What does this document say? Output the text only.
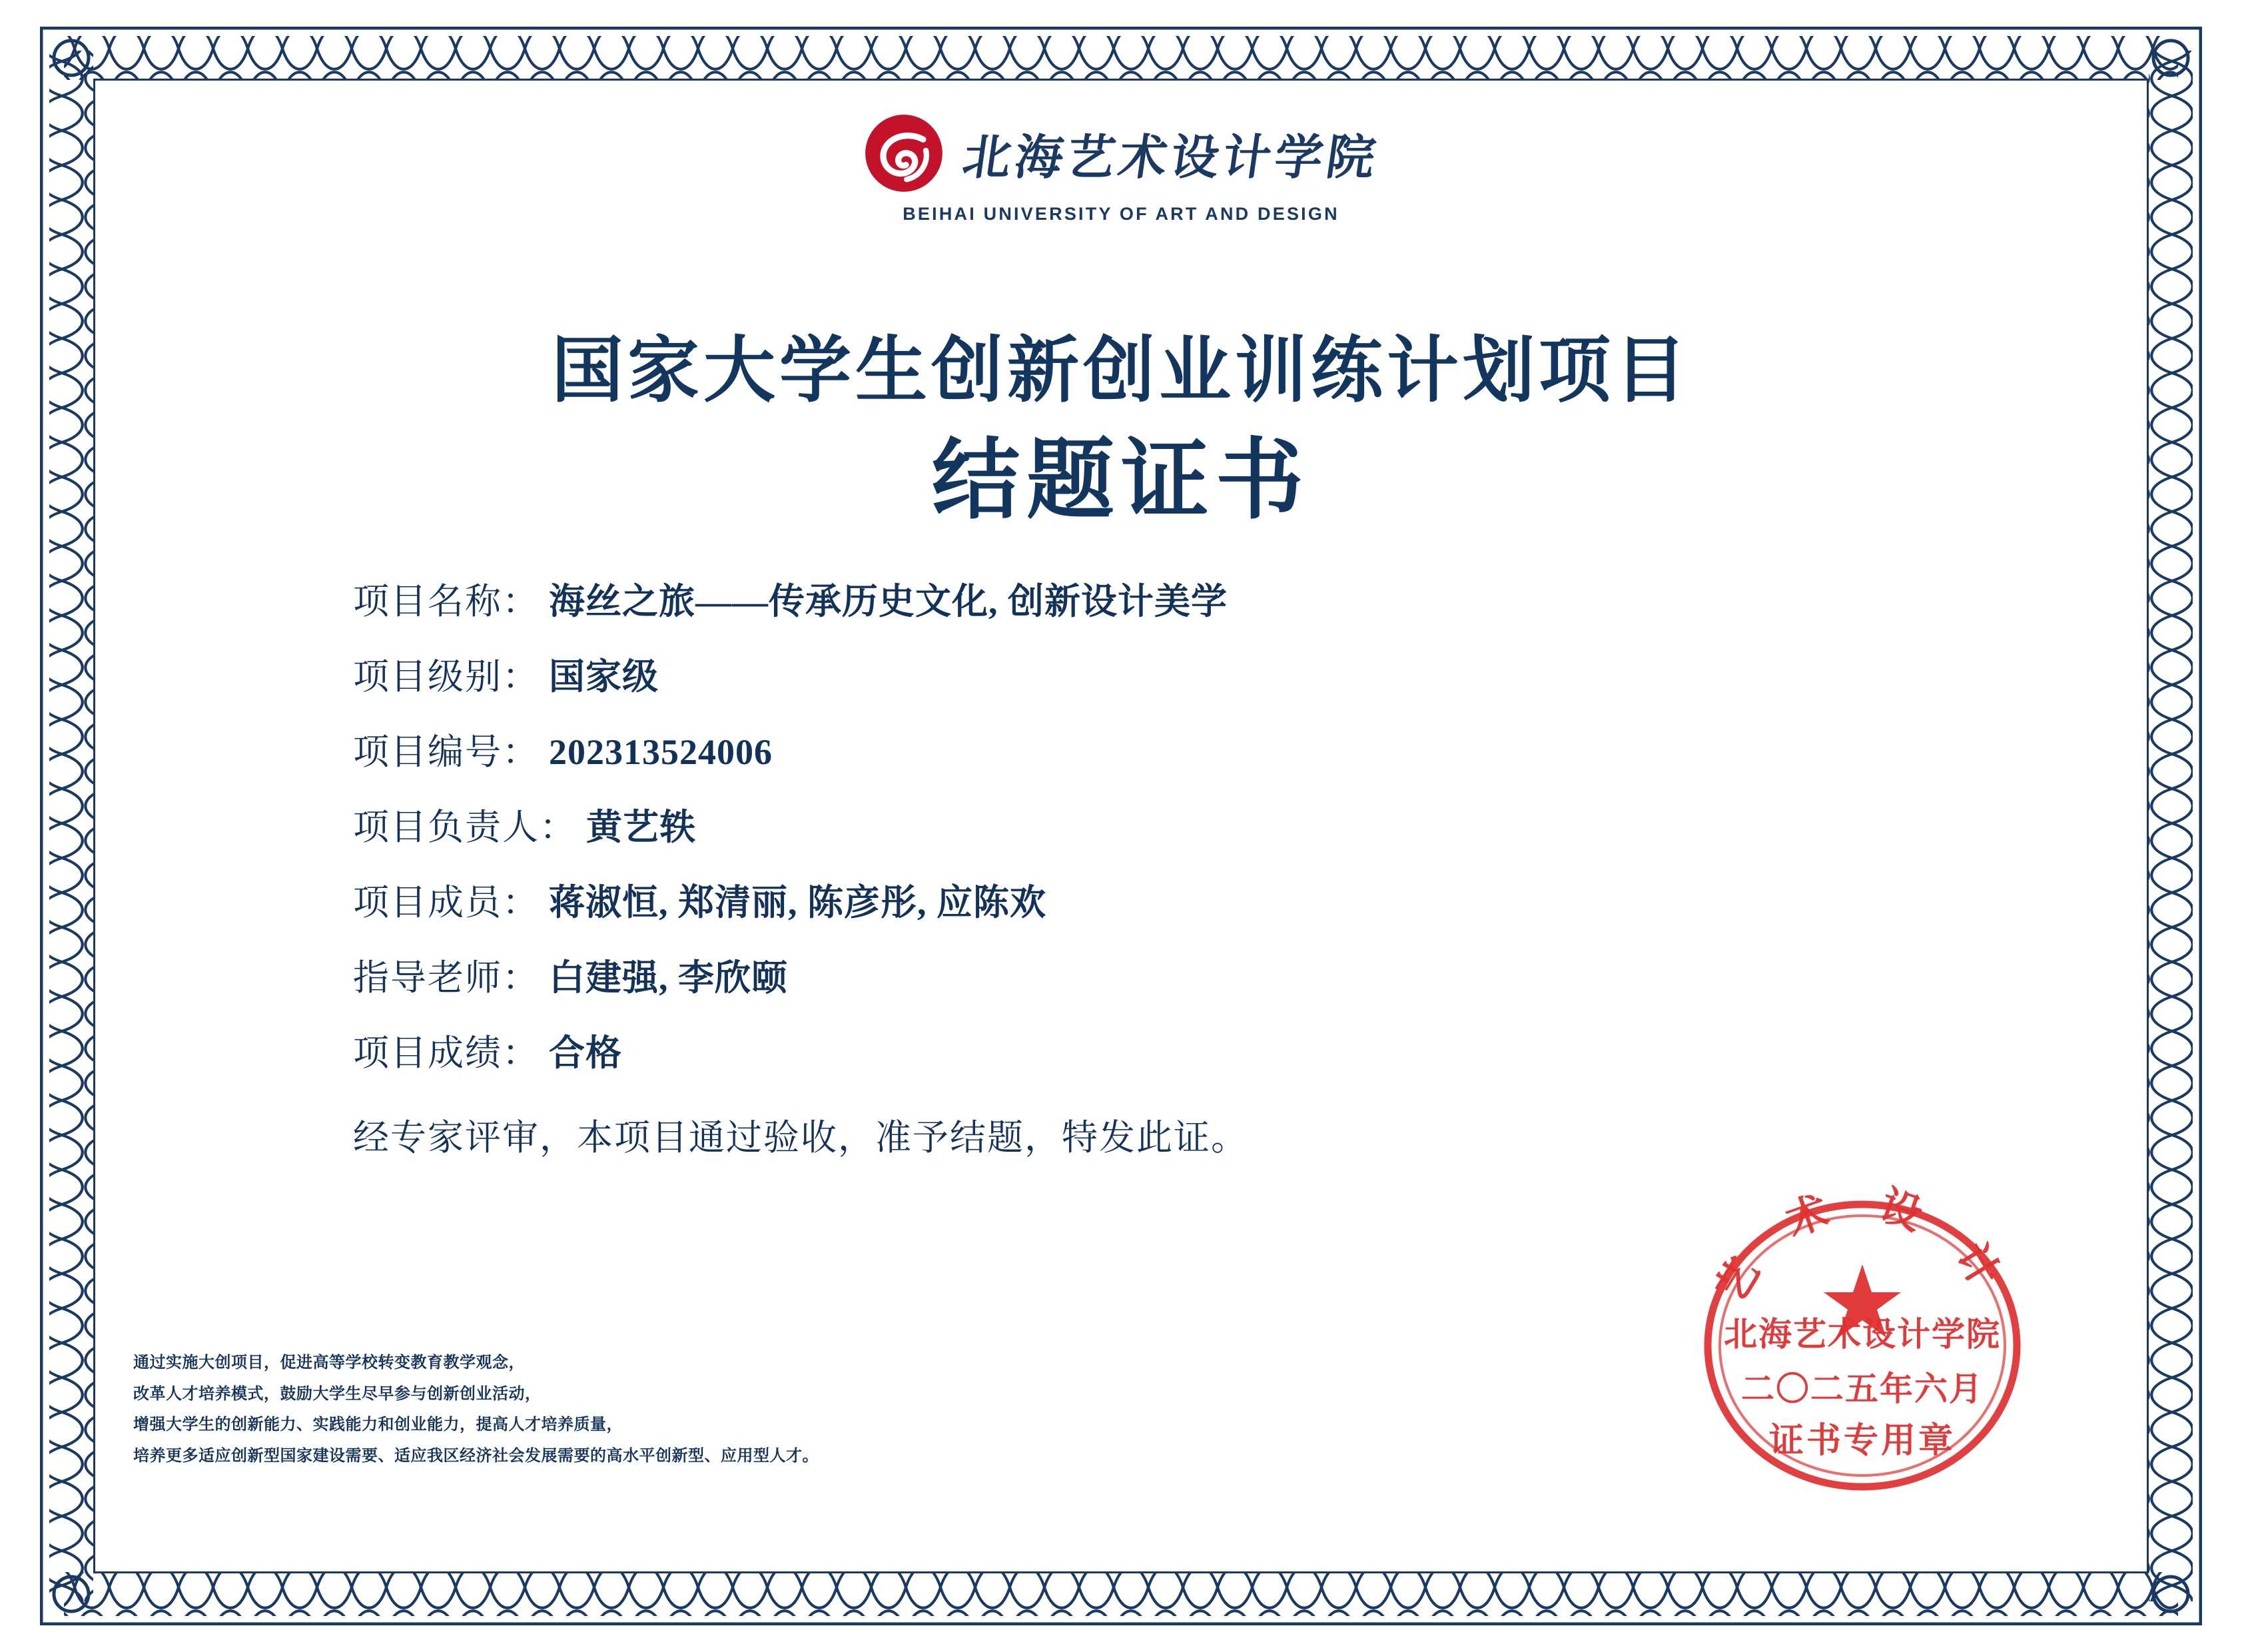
北海艺术设计学院
BEIHAI UNIVERSITY OF ART AND DESIGN
国家大学生创新创业训练计划项目
结题证书
项目名称： 海丝之旅——传承历史文化, 创新设计美学
项目级别： 国家级
项目编号： 202313524006
项目负责人： 黄艺轶
项目成员： 蒋淑恒, 郑清丽, 陈彦彤, 应陈欢
指导老师： 白建强, 李欣颐
项目成绩： 合格
经专家评审，本项目通过验收，准予结题，特发此证。
通过实施大创项目，促进高等学校转变教育教学观念，
改革人才培养模式，鼓励大学生尽早参与创新创业活动，
增强大学生的创新能力、实践能力和创业能力，提高人才培养质量，
培养更多适应创新型国家建设需要、适应我区经济社会发展需要的高水平创新型、应用型人才。
艺 术 设 计
北海艺术设计学院
二〇二五年六月
证书专用章
